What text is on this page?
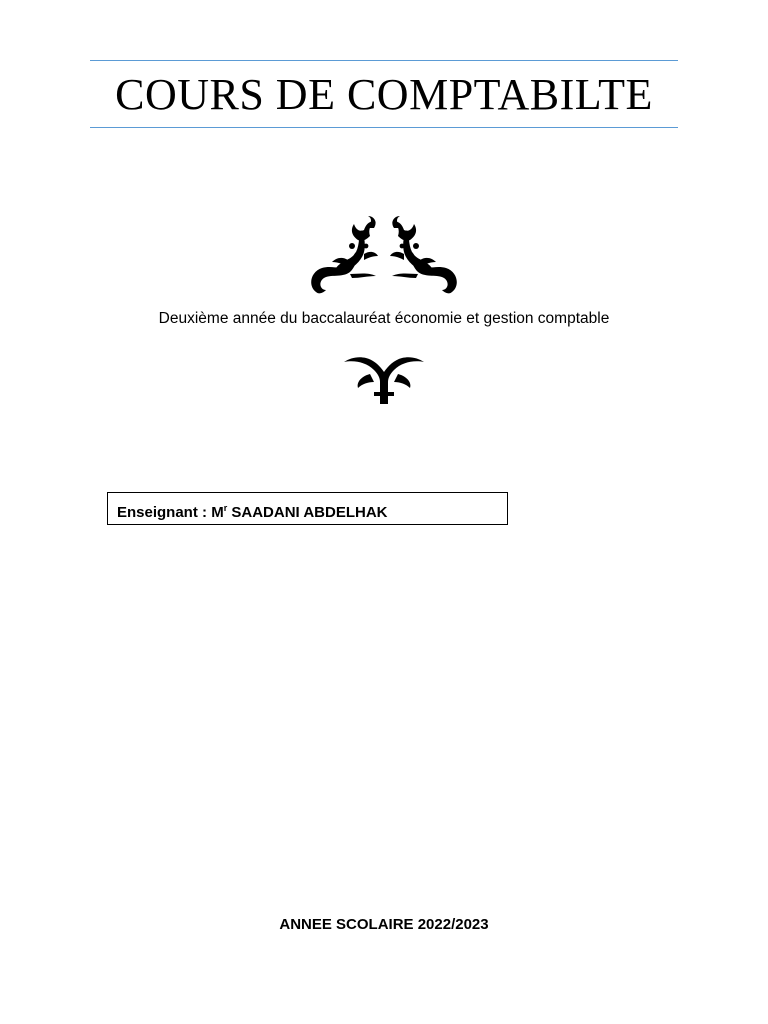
COURS DE COMPTABILTE
Deuxième année du baccalauréat économie et gestion comptable
Enseignant : $M^r$ SAADANI ABDELHAK
ANNEE SCOLAIRE 2022/2023
